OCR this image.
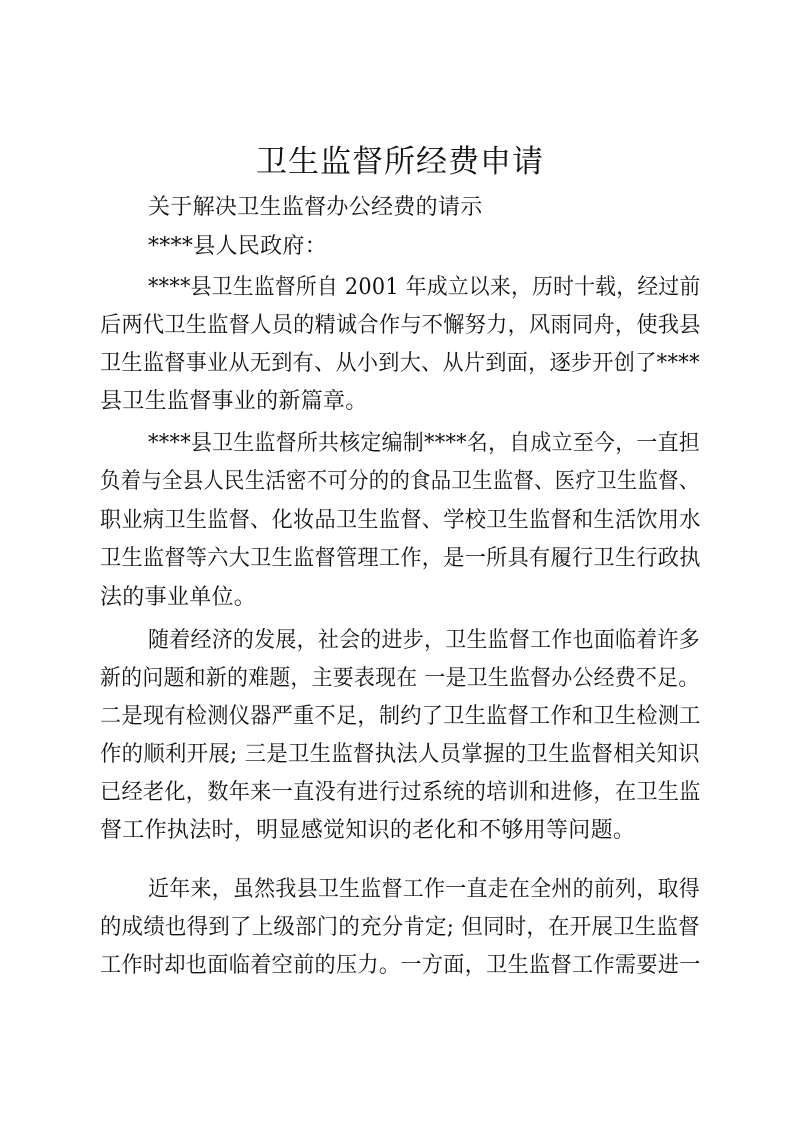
卫生监督所经费申请
关于解决卫生监督办公经费的请示
****县人民政府：
****县卫生监督所自 2001 年成立以来，历时十载，经过前
后两代卫生监督人员的精诚合作与不懈努力，风雨同舟，使我县
卫生监督事业从无到有、从小到大、从片到面，逐步开创了****
县卫生监督事业的新篇章。
****县卫生监督所共核定编制****名，自成立至今，一直担
负着与全县人民生活密不可分的的食品卫生监督、医疗卫生监督、
职业病卫生监督、化妆品卫生监督、学校卫生监督和生活饮用水
卫生监督等六大卫生监督管理工作，是一所具有履行卫生行政执
法的事业单位。
随着经济的发展，社会的进步，卫生监督工作也面临着许多
新的问题和新的难题，主要表现在 一是卫生监督办公经费不足。
二是现有检测仪器严重不足，制约了卫生监督工作和卫生检测工
作的顺利开展; 三是卫生监督执法人员掌握的卫生监督相关知识
已经老化，数年来一直没有进行过系统的培训和进修，在卫生监
督工作执法时，明显感觉知识的老化和不够用等问题。
近年来，虽然我县卫生监督工作一直走在全州的前列，取得
的成绩也得到了上级部门的充分肯定; 但同时，在开展卫生监督
工作时却也面临着空前的压力。一方面，卫生监督工作需要进一
